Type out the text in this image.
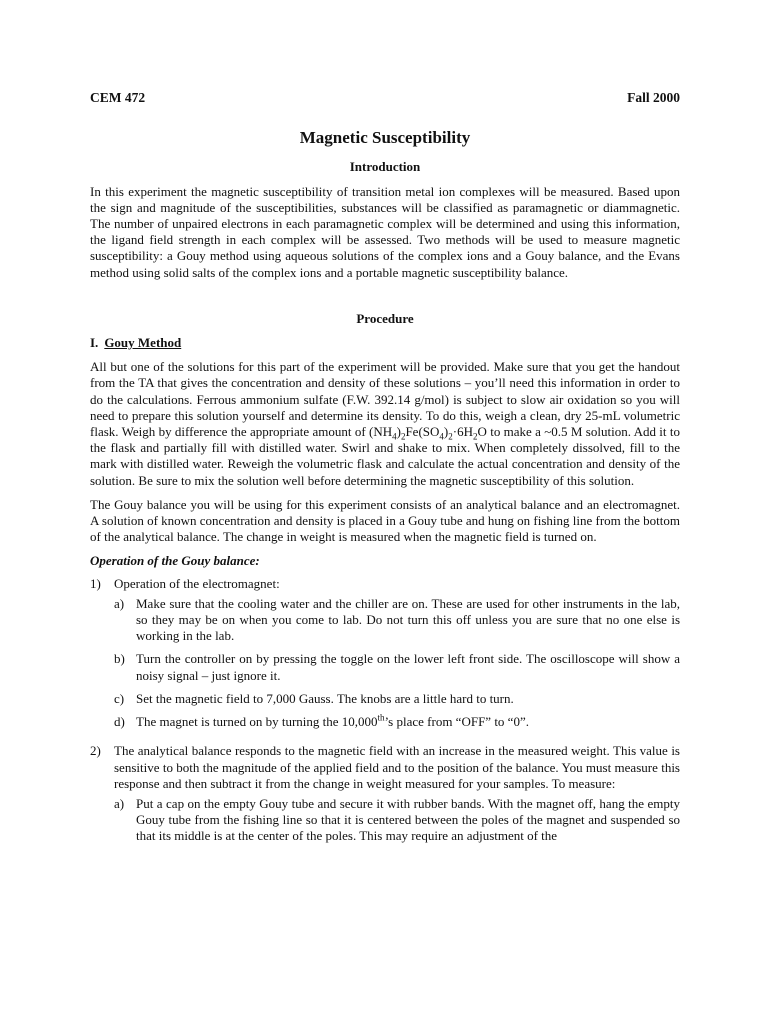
CEM 472	Fall 2000
Magnetic Susceptibility
Introduction

In this experiment the magnetic susceptibility of transition metal ion complexes will be measured. Based upon the sign and magnitude of the susceptibilities, substances will be classified as paramagnetic or diammagnetic. The number of unpaired electrons in each paramagnetic complex will be determined and using this information, the ligand field strength in each complex will be assessed. Two methods will be used to measure magnetic susceptibility: a Gouy method using aqueous solutions of the complex ions and a Gouy balance, and the Evans method using solid salts of the complex ions and a portable magnetic susceptibility balance.

Procedure
I. Gouy Method

All but one of the solutions for this part of the experiment will be provided. Make sure that you get the handout from the TA that gives the concentration and density of these solutions – you’ll need this information in order to do the calculations. Ferrous ammonium sulfate (F.W. 392.14 g/mol) is subject to slow air oxidation so you will need to prepare this solution yourself and determine its density. To do this, weigh a clean, dry 25-mL volumetric flask. Weigh by difference the appropriate amount of $(NH_4)_2Fe(SO_4)_2\cdot 6H_2O$ to make a ~0.5 M solution. Add it to the flask and partially fill with distilled water. Swirl and shake to mix. When completely dissolved, fill to the mark with distilled water. Reweigh the volumetric flask and calculate the actual concentration and density of the solution. Be sure to mix the solution well before determining the magnetic susceptibility of this solution.

The Gouy balance you will be using for this experiment consists of an analytical balance and an electromagnet. A solution of known concentration and density is placed in a Gouy tube and hung on fishing line from the bottom of the analytical balance. The change in weight is measured when the magnetic field is turned on.

Operation of the Gouy balance:
1)	Operation of the electromagnet:
a) Make sure that the cooling water and the chiller are on. These are used for other instruments in the lab, so they may be on when you come to lab. Do not turn this off unless you are sure that no one else is working in the lab.
b) Turn the controller on by pressing the toggle on the lower left front side. The oscilloscope will show a noisy signal – just ignore it.
c) Set the magnetic field to 7,000 Gauss. The knobs are a little hard to turn.
d) The magnet is turned on by turning the 10,000th’s place from “OFF” to “0”.
2)	The analytical balance responds to the magnetic field with an increase in the measured weight. This value is sensitive to both the magnitude of the applied field and to the position of the balance. You must measure this response and then subtract it from the change in weight measured for your samples. To measure:
a) Put a cap on the empty Gouy tube and secure it with rubber bands. With the magnet off, hang the empty Gouy tube from the fishing line so that it is centered between the poles of the magnet and suspended so that its middle is at the center of the poles. This may require an adjustment of the
